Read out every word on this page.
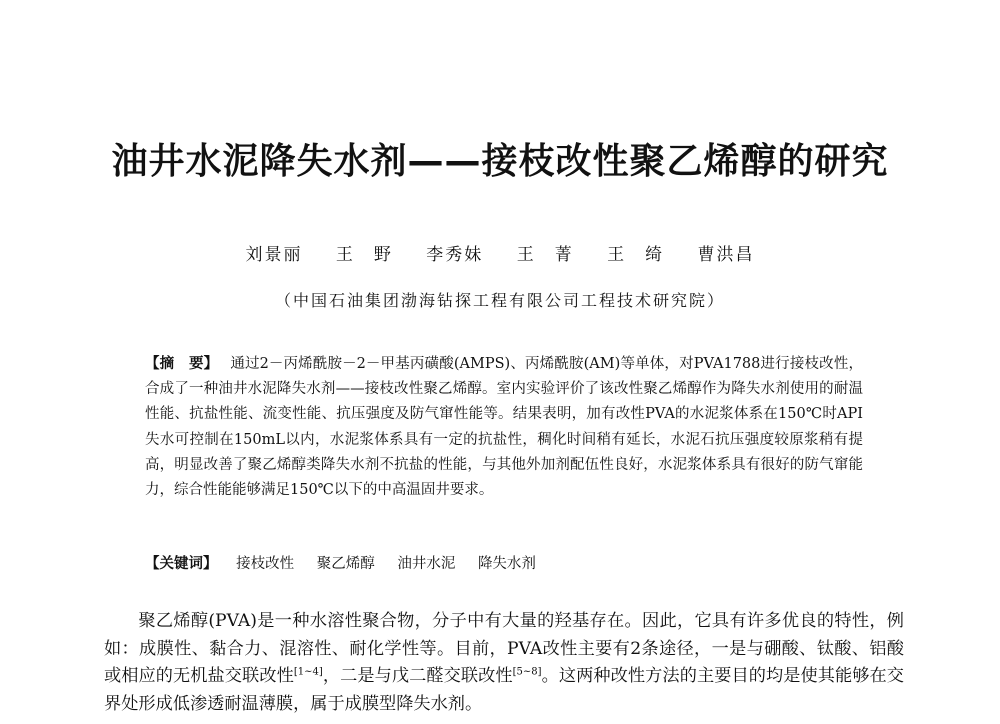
油井水泥降失水剂——接枝改性聚乙烯醇的研究
刘景丽 王　野 李秀妹 王　菁 王　绮 曹洪昌
（中国石油集团渤海钻探工程有限公司工程技术研究院）
【摘　要】 通过2－丙烯酰胺－2－甲基丙磺酸(AMPS)、丙烯酰胺(AM)等单体，对PVA1788进行接枝改性，合成了一种油井水泥降失水剂——接枝改性聚乙烯醇。室内实验评价了该改性聚乙烯醇作为降失水剂使用的耐温性能、抗盐性能、流变性能、抗压强度及防气窜性能等。结果表明，加有改性PVA的水泥浆体系在150℃时API失水可控制在150mL以内，水泥浆体系具有一定的抗盐性，稠化时间稍有延长，水泥石抗压强度较原浆稍有提高，明显改善了聚乙烯醇类降失水剂不抗盐的性能，与其他外加剂配伍性良好，水泥浆体系具有很好的防气窜能力，综合性能能够满足150℃以下的中高温固井要求。
【关键词】 接枝改性 聚乙烯醇 油井水泥 降失水剂

聚乙烯醇(PVA)是一种水溶性聚合物，分子中有大量的羟基存在。因此，它具有许多优良的特性，例如：成膜性、黏合力、混溶性、耐化学性等。目前，PVA改性主要有2条途径，一是与硼酸、钛酸、铝酸或相应的无机盐交联改性[1~4]，二是与戊二醛交联改性[5~8]。这两种改性方法的主要目的均是使其能够在交界处形成低渗透耐温薄膜，属于成膜型降失水剂。
